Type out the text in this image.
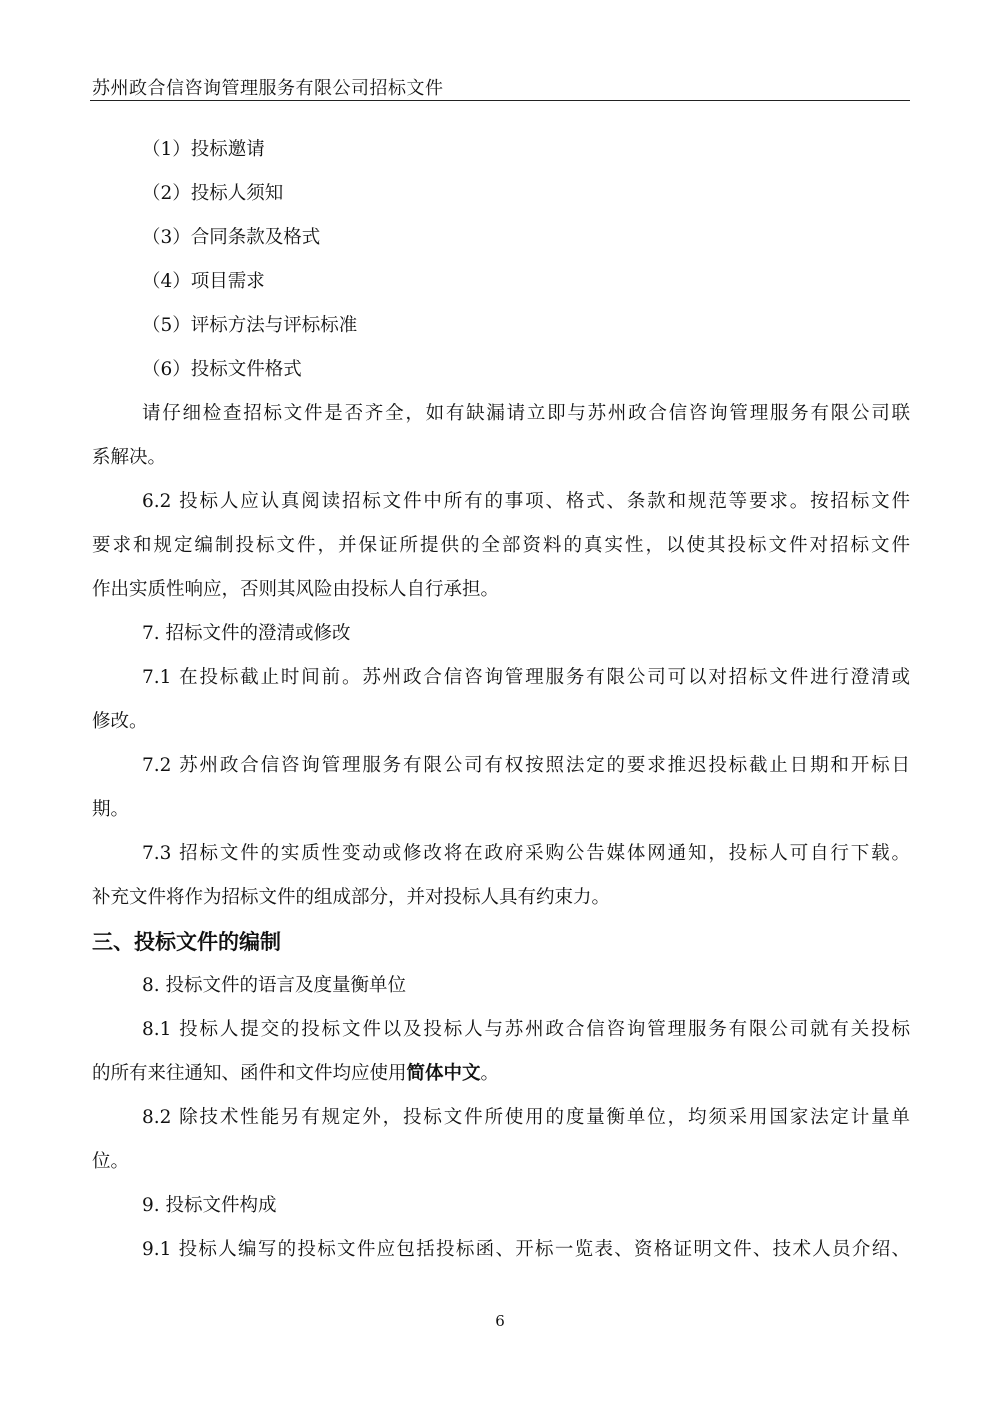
苏州政合信咨询管理服务有限公司招标文件
（1）投标邀请
（2）投标人须知
（3）合同条款及格式
（4）项目需求
（5）评标方法与评标标准
（6）投标文件格式
请仔细检查招标文件是否齐全，如有缺漏请立即与苏州政合信咨询管理服务有限公司联
系解决。
6.2 投标人应认真阅读招标文件中所有的事项、格式、条款和规范等要求。按招标文件
要求和规定编制投标文件，并保证所提供的全部资料的真实性，以使其投标文件对招标文件
作出实质性响应，否则其风险由投标人自行承担。
7. 招标文件的澄清或修改
7.1 在投标截止时间前。苏州政合信咨询管理服务有限公司可以对招标文件进行澄清或
修改。
7.2 苏州政合信咨询管理服务有限公司有权按照法定的要求推迟投标截止日期和开标日
期。
7.3 招标文件的实质性变动或修改将在政府采购公告媒体网通知，投标人可自行下载。
补充文件将作为招标文件的组成部分，并对投标人具有约束力。
三、投标文件的编制
8. 投标文件的语言及度量衡单位
8.1 投标人提交的投标文件以及投标人与苏州政合信咨询管理服务有限公司就有关投标
的所有来往通知、函件和文件均应使用简体中文。
8.2 除技术性能另有规定外，投标文件所使用的度量衡单位，均须采用国家法定计量单
位。
9. 投标文件构成
9.1 投标人编写的投标文件应包括投标函、开标一览表、资格证明文件、技术人员介绍、
6
